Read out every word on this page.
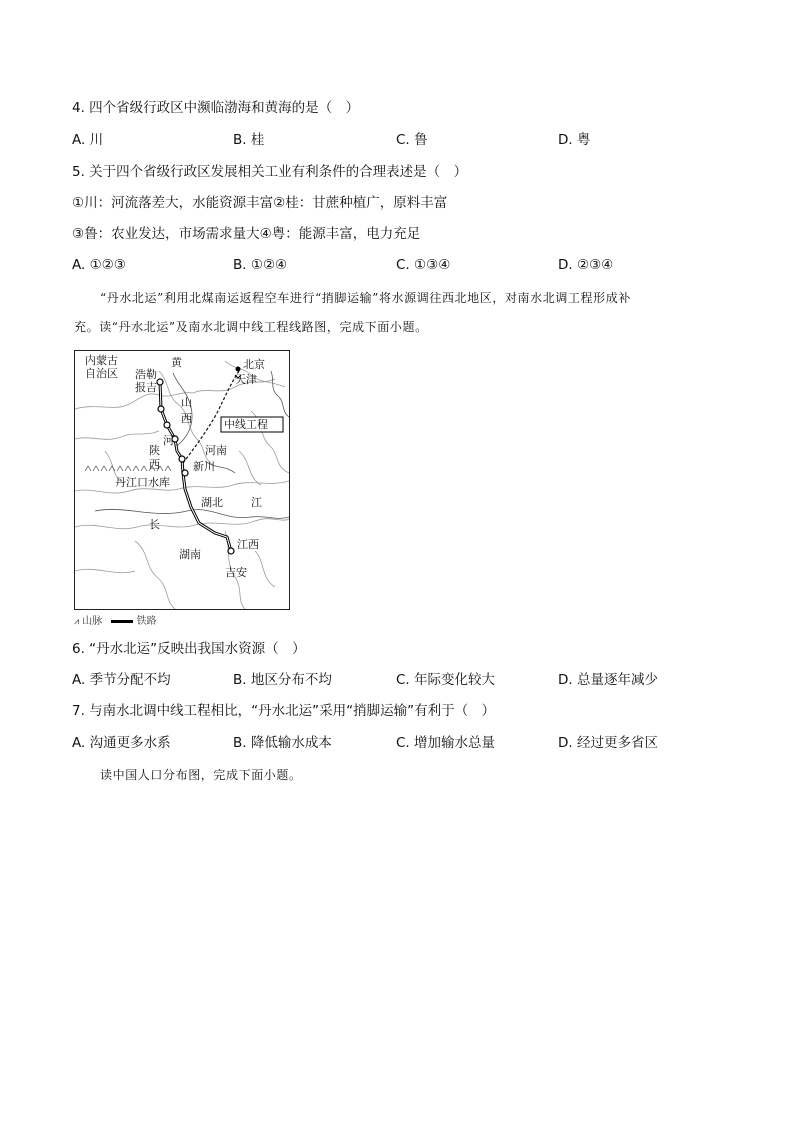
4. 四个省级行政区中濒临渤海和黄海的是（　）
A. 川	B. 桂	C. 鲁	D. 粤
5. 关于四个省级行政区发展相关工业有利条件的合理表述是（　）
①川：河流落差大，水能资源丰富②桂：甘蔗种植广，原料丰富
③鲁：农业发达，市场需求量大④粤：能源丰富，电力充足
A. ①②③	B. ①②④	C. ①③④	D. ②③④
“丹水北运”利用北煤南运返程空车进行“捎脚运输”将水源调往西北地区，对南水北调工程形成补
充。读“丹水北运”及南水北调中线工程线路图，完成下面小题。
内蒙古
自治区
黄
浩勒
报吉
北京
天津
山
西	中线工程
河
陕
西
河南
新川
丹江口水库
湖北	江
长
湖南
江西
吉安
⩘ 山脉	铁路
6. “丹水北运”反映出我国水资源（　）
A. 季节分配不均	B. 地区分布不均	C. 年际变化较大	D. 总量逐年减少
7. 与南水北调中线工程相比，“丹水北运”采用“捎脚运输”有利于（　）
A. 沟通更多水系	B. 降低输水成本	C. 增加输水总量	D. 经过更多省区
读中国人口分布图，完成下面小题。
